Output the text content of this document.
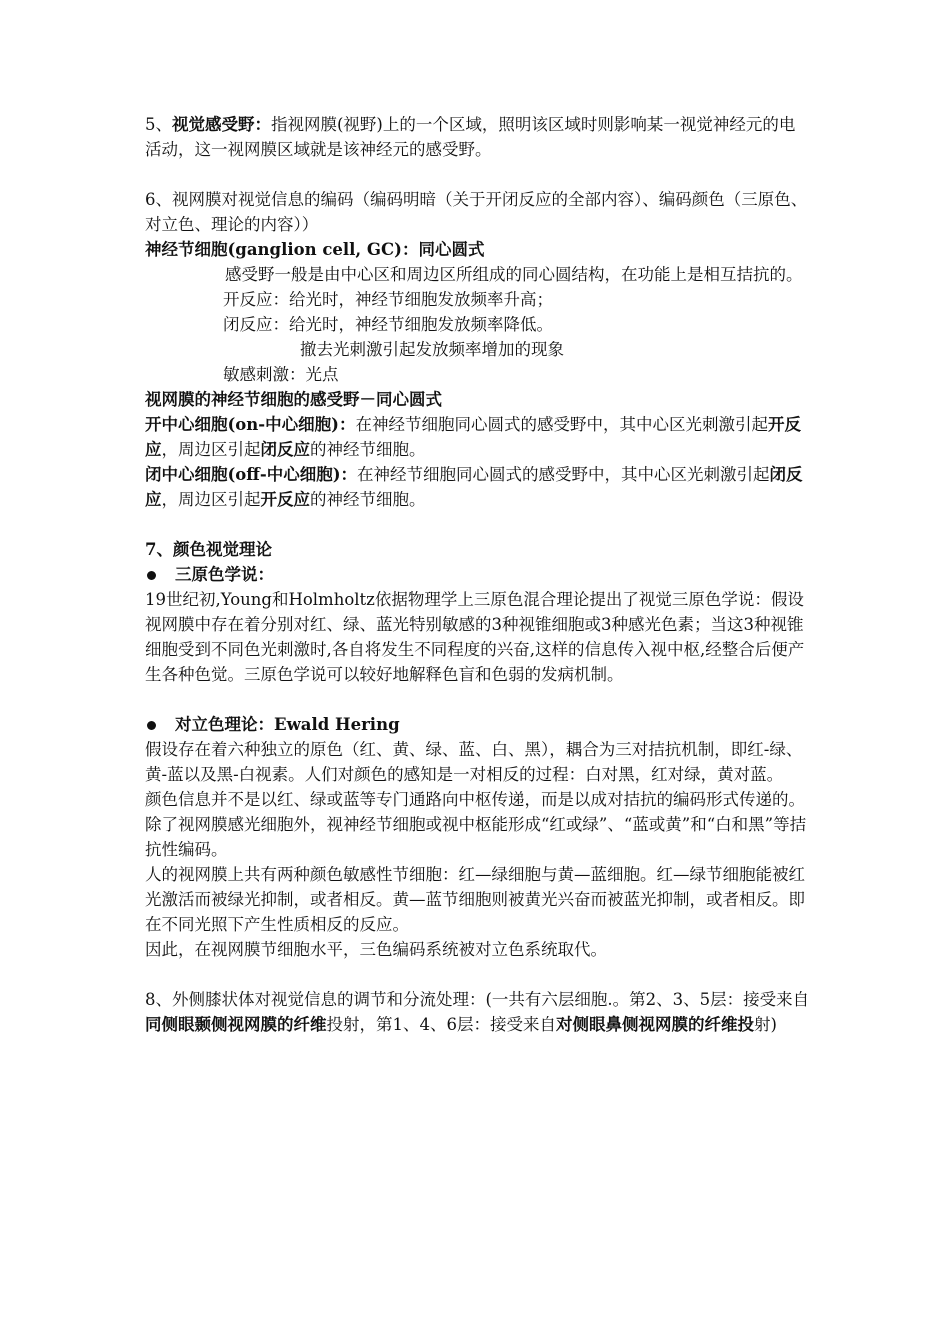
5、视觉感受野：指视网膜(视野)上的一个区域，照明该区域时则影响某一视觉神经元的电活动，这一视网膜区域就是该神经元的感受野。

6、视网膜对视觉信息的编码（编码明暗（关于开闭反应的全部内容）、编码颜色（三原色、对立色、理论的内容））

神经节细胞(ganglion cell, GC)：同心圆式

感受野一般是由中心区和周边区所组成的同心圆结构，在功能上是相互拮抗的。

开反应：给光时，神经节细胞发放频率升高；

闭反应：给光时，神经节细胞发放频率降低。

撤去光刺激引起发放频率增加的现象

敏感刺激：光点

视网膜的神经节细胞的感受野－同心圆式

开中心细胞(on-中心细胞)：在神经节细胞同心圆式的感受野中，其中心区光刺激引起开反应，周边区引起闭反应的神经节细胞。

闭中心细胞(off-中心细胞)：在神经节细胞同心圆式的感受野中，其中心区光刺激引起闭反应，周边区引起开反应的神经节细胞。

7、颜色视觉理论

三原色学说：

19世纪初,Young和Holmholtz依据物理学上三原色混合理论提出了视觉三原色学说：假设视网膜中存在着分别对红、绿、蓝光特别敏感的3种视锥细胞或3种感光色素；当这3种视锥细胞受到不同色光刺激时,各自将发生不同程度的兴奋,这样的信息传入视中枢,经整合后便产生各种色觉。三原色学说可以较好地解释色盲和色弱的发病机制。

对立色理论：Ewald Hering

假设存在着六种独立的原色（红、黄、绿、蓝、白、黑），耦合为三对拮抗机制，即红-绿、黄-蓝以及黑-白视素。人们对颜色的感知是一对相反的过程：白对黑，红对绿，黄对蓝。

颜色信息并不是以红、绿或蓝等专门通路向中枢传递，而是以成对拮抗的编码形式传递的。除了视网膜感光细胞外，视神经节细胞或视中枢能形成“红或绿”、“蓝或黄”和“白和黑”等拮抗性编码。

人的视网膜上共有两种颜色敏感性节细胞：红—绿细胞与黄—蓝细胞。红—绿节细胞能被红光激活而被绿光抑制，或者相反。黄—蓝节细胞则被黄光兴奋而被蓝光抑制，或者相反。即在不同光照下产生性质相反的反应。

因此，在视网膜节细胞水平，三色编码系统被对立色系统取代。

8、外侧膝状体对视觉信息的调节和分流处理：(一共有六层细胞.。第2、3、5层：接受来自同侧眼颞侧视网膜的纤维投射，第1、4、6层：接受来自对侧眼鼻侧视网膜的纤维投射)
